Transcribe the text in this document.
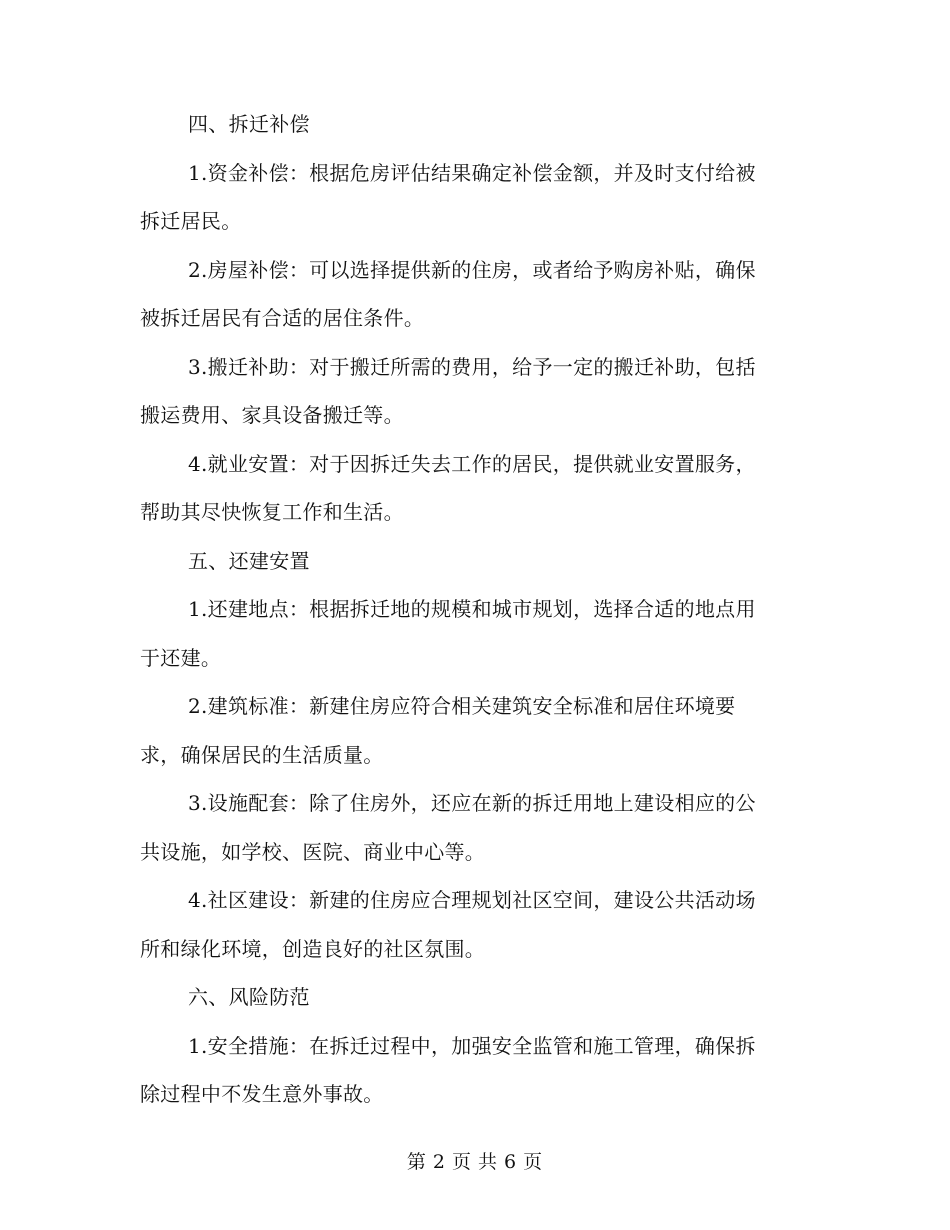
四、拆迁补偿
1.资金补偿：根据危房评估结果确定补偿金额，并及时支付给被
拆迁居民。
2.房屋补偿：可以选择提供新的住房，或者给予购房补贴，确保
被拆迁居民有合适的居住条件。
3.搬迁补助：对于搬迁所需的费用，给予一定的搬迁补助，包括
搬运费用、家具设备搬迁等。
4.就业安置：对于因拆迁失去工作的居民，提供就业安置服务，
帮助其尽快恢复工作和生活。
五、还建安置
1.还建地点：根据拆迁地的规模和城市规划，选择合适的地点用
于还建。
2.建筑标准：新建住房应符合相关建筑安全标准和居住环境要
求，确保居民的生活质量。
3.设施配套：除了住房外，还应在新的拆迁用地上建设相应的公
共设施，如学校、医院、商业中心等。
4.社区建设：新建的住房应合理规划社区空间，建设公共活动场
所和绿化环境，创造良好的社区氛围。
六、风险防范
1.安全措施：在拆迁过程中，加强安全监管和施工管理，确保拆
除过程中不发生意外事故。
第 2 页 共 6 页
